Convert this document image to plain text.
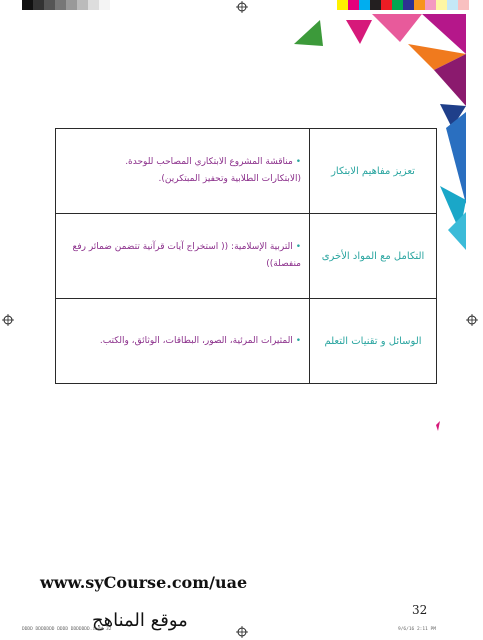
تعزيز مفاهيم الابتكار	• مناقشة المشروع الابتكاري المصاحب للوحدة.
(الابتكارات الطلابية وتحفيز المبتكرين).

التكامل مع المواد الأخرى	• التربية الإسلامية: (( استخراج آيات قرآنية تتضمن ضمائر رفع
منفصلة))

الوسائل و تقنيات التعلم	• المثيرات المرئية، الصور، البطاقات، الوثائق، والكتب.
www.syCourse.com/uae
32
موقع المناهج
DDDD DDDDDDD DDDD DDDDDDD.indd 32	9/6/16 2:11 PM
